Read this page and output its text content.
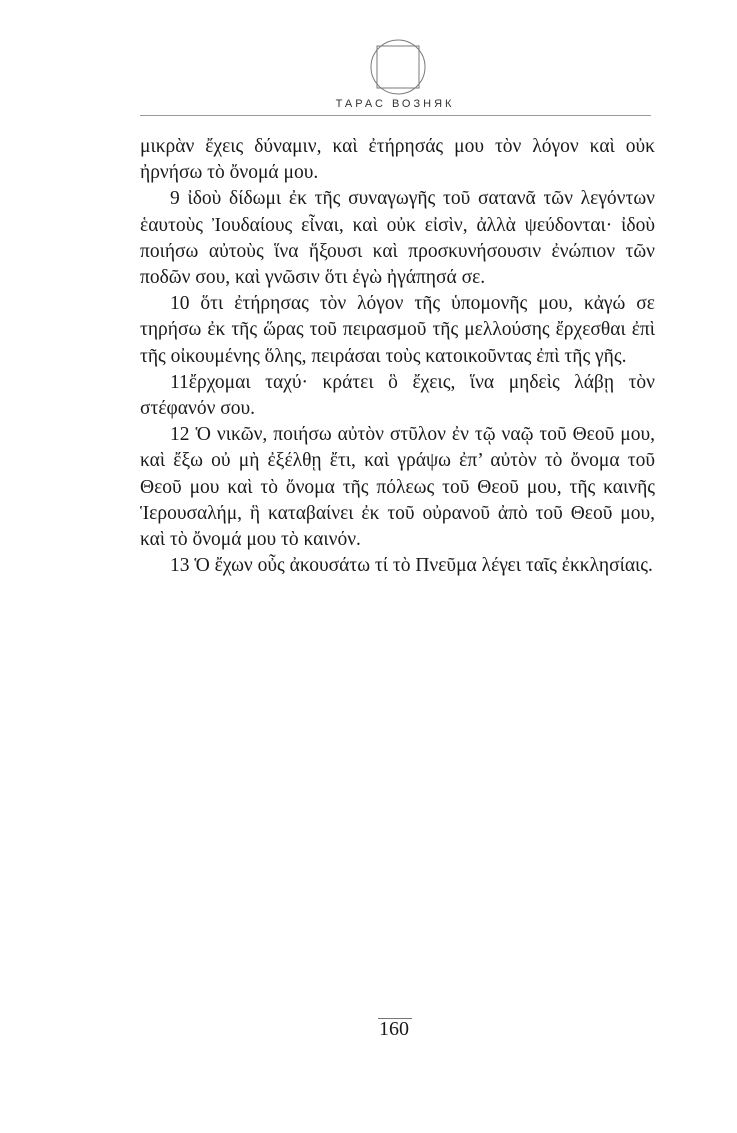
ТАРАС ВОЗНЯК

μικρὰν ἔχεις δύναμιν, καὶ ἐτήρησάς μου τὸν λόγον καὶ οὐκ ἠρνήσω τὸ ὄνομά μου.

9 ἰδοὺ δίδωμι ἐκ τῆς συναγωγῆς τοῦ σατανᾶ τῶν λεγόντων ἑαυτοὺς Ἰουδαίους εἶναι, καὶ οὐκ εἰσὶν, ἀλλὰ ψεύδονται· ἰδοὺ ποιήσω αὐτοὺς ἵνα ἥξουσι καὶ προσκυνήσουσιν ἐνώπιον τῶν ποδῶν σου, καὶ γνῶσιν ὅτι ἐγὼ ἠγάπησά σε.

10 ὅτι ἐτήρησας τὸν λόγον τῆς ὑπομονῆς μου, κἀγώ σε τηρήσω ἐκ τῆς ὥρας τοῦ πειρασμοῦ τῆς μελλούσης ἔρχεσθαι ἐπὶ τῆς οἰκουμένης ὅλης, πειράσαι τοὺς κατοικοῦντας ἐπὶ τῆς γῆς.

11ἔρχομαι ταχύ· κράτει ὃ ἔχεις, ἵνα μηδεὶς λάβῃ τὸν στέφανόν σου.

12 Ὁ νικῶν, ποιήσω αὐτὸν στῦλον ἐν τῷ ναῷ τοῦ Θεοῦ μου, καὶ ἔξω οὐ μὴ ἐξέλθῃ ἔτι, καὶ γράψω ἐπ’ αὐτὸν τὸ ὄνομα τοῦ Θεοῦ μου καὶ τὸ ὄνομα τῆς πόλεως τοῦ Θεοῦ μου, τῆς καινῆς Ἱερουσαλήμ, ἣ καταβαίνει ἐκ τοῦ οὐρανοῦ ἀπὸ τοῦ Θεοῦ μου, καὶ τὸ ὄνομά μου τὸ καινόν.

13 Ὁ ἔχων οὖς ἀκουσάτω τί τὸ Πνεῦμα λέγει ταῖς ἐκκλησίαις.

160
